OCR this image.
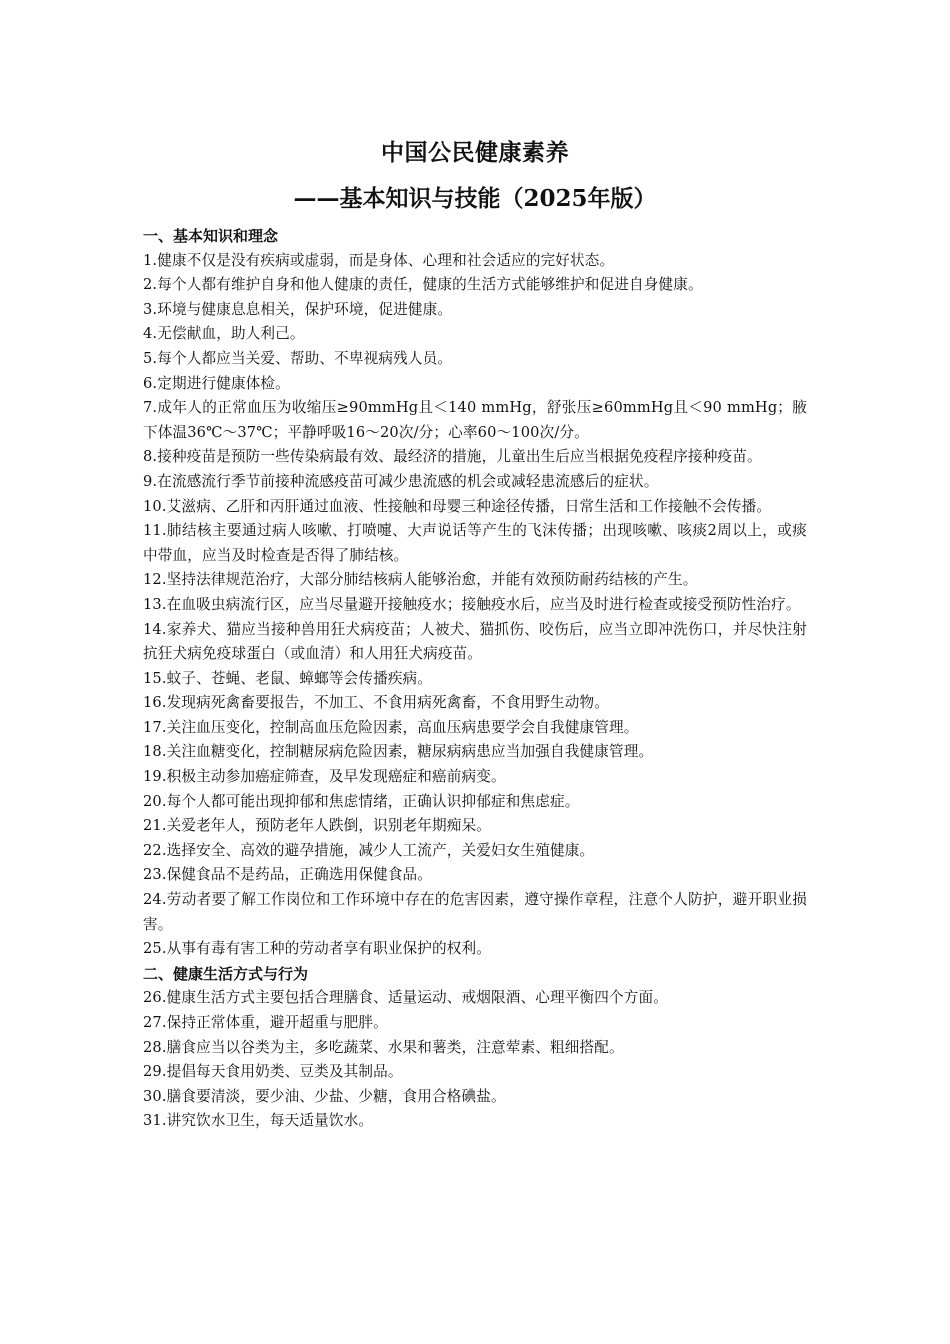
中国公民健康素养
——基本知识与技能（2025年版）
一、基本知识和理念
1.健康不仅是没有疾病或虚弱，而是身体、心理和社会适应的完好状态。
2.每个人都有维护自身和他人健康的责任，健康的生活方式能够维护和促进自身健康。
3.环境与健康息息相关，保护环境，促进健康。
4.无偿献血，助人利己。
5.每个人都应当关爱、帮助、不卑视病残人员。
6.定期进行健康体检。
7.成年人的正常血压为收缩压≥90mmHg且＜140 mmHg，舒张压≥60mmHg且＜90 mmHg；腋下体温36℃～37℃；平静呼吸16～20次/分；心率60～100次/分。
8.接种疫苗是预防一些传染病最有效、最经济的措施，儿童出生后应当根据免疫程序接种疫苗。
9.在流感流行季节前接种流感疫苗可减少患流感的机会或减轻患流感后的症状。
10.艾滋病、乙肝和丙肝通过血液、性接触和母婴三种途径传播，日常生活和工作接触不会传播。
11.肺结核主要通过病人咳嗽、打喷嚏、大声说话等产生的飞沫传播；出现咳嗽、咳痰2周以上，或痰中带血，应当及时检查是否得了肺结核。
12.坚持法律规范治疗，大部分肺结核病人能够治愈，并能有效预防耐药结核的产生。
13.在血吸虫病流行区，应当尽量避开接触疫水；接触疫水后，应当及时进行检查或接受预防性治疗。
14.家养犬、猫应当接种兽用狂犬病疫苗；人被犬、猫抓伤、咬伤后，应当立即冲洗伤口，并尽快注射抗狂犬病免疫球蛋白（或血清）和人用狂犬病疫苗。
15.蚊子、苍蝇、老鼠、蟑螂等会传播疾病。
16.发现病死禽畜要报告，不加工、不食用病死禽畜，不食用野生动物。
17.关注血压变化，控制高血压危险因素，高血压病患要学会自我健康管理。
18.关注血糖变化，控制糖尿病危险因素，糖尿病病患应当加强自我健康管理。
19.积极主动参加癌症筛查，及早发现癌症和癌前病变。
20.每个人都可能出现抑郁和焦虑情绪，正确认识抑郁症和焦虑症。
21.关爱老年人，预防老年人跌倒，识别老年期痴呆。
22.选择安全、高效的避孕措施，减少人工流产，关爱妇女生殖健康。
23.保健食品不是药品，正确选用保健食品。
24.劳动者要了解工作岗位和工作环境中存在的危害因素，遵守操作章程，注意个人防护，避开职业损害。
25.从事有毒有害工种的劳动者享有职业保护的权利。
二、健康生活方式与行为
26.健康生活方式主要包括合理膳食、适量运动、戒烟限酒、心理平衡四个方面。
27.保持正常体重，避开超重与肥胖。
28.膳食应当以谷类为主，多吃蔬菜、水果和薯类，注意荤素、粗细搭配。
29.提倡每天食用奶类、豆类及其制品。
30.膳食要清淡，要少油、少盐、少糖，食用合格碘盐。
31.讲究饮水卫生，每天适量饮水。
